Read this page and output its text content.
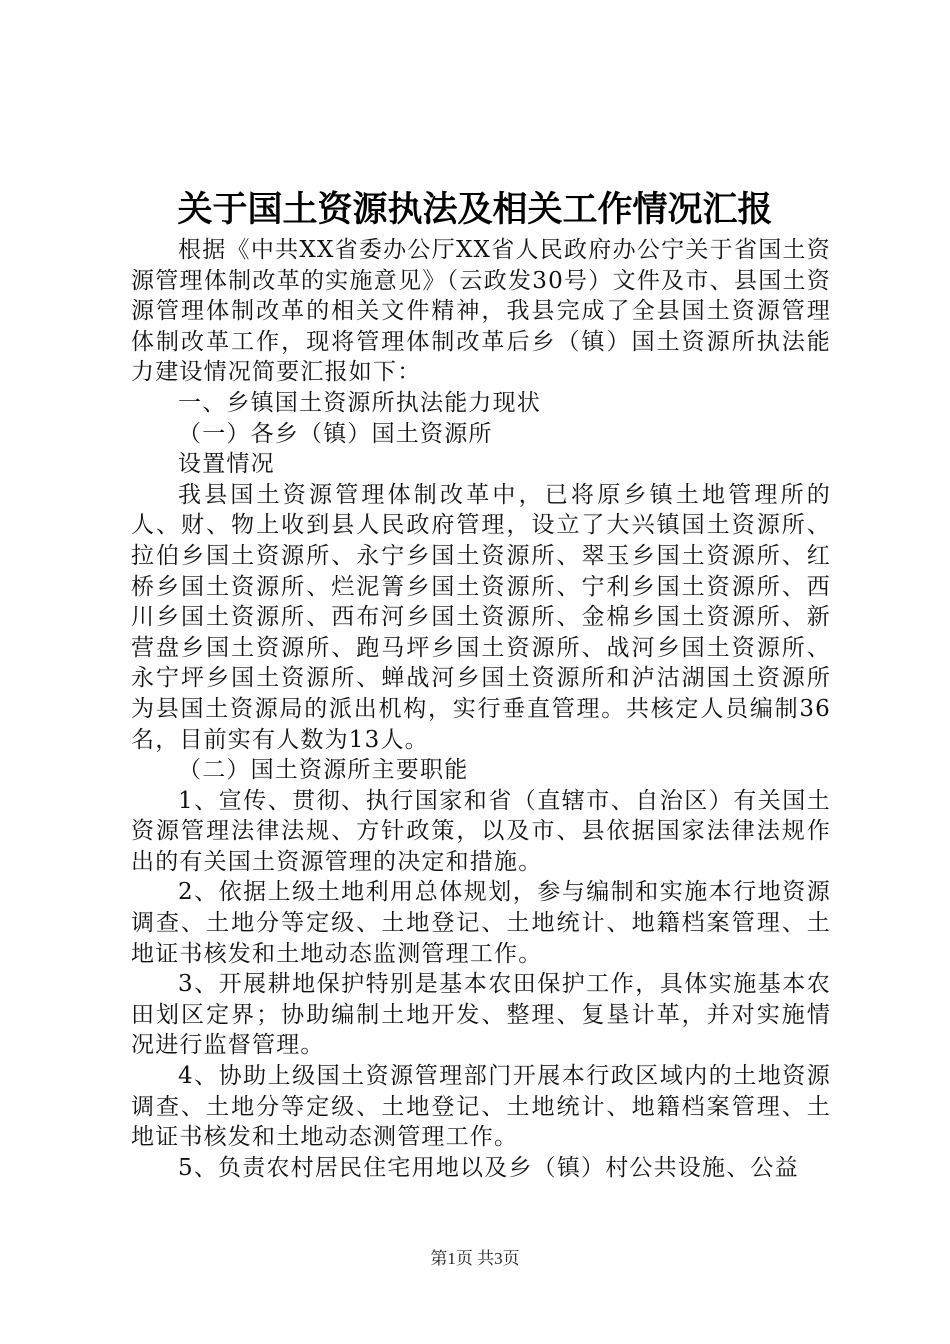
关于国土资源执法及相关工作情况汇报

根据《中共XX省委办公厅XX省人民政府办公宁关于省国土资源管理体制改革的实施意见》（云政发30号）文件及市、县国土资源管理体制改革的相关文件精神，我县完成了全县国土资源管理体制改革工作，现将管理体制改革后乡（镇）国土资源所执法能力建设情况简要汇报如下：

一、乡镇国土资源所执法能力现状

（一）各乡（镇）国土资源所

设置情况

我县国土资源管理体制改革中，已将原乡镇土地管理所的人、财、物上收到县人民政府管理，设立了大兴镇国土资源所、拉伯乡国土资源所、永宁乡国土资源所、翠玉乡国土资源所、红桥乡国土资源所、烂泥箐乡国土资源所、宁利乡国土资源所、西川乡国土资源所、西布河乡国土资源所、金棉乡国土资源所、新营盘乡国土资源所、跑马坪乡国土资源所、战河乡国土资源所、永宁坪乡国土资源所、蝉战河乡国土资源所和泸沽湖国土资源所为县国土资源局的派出机构，实行垂直管理。共核定人员编制36名，目前实有人数为13人。

（二）国土资源所主要职能

1、宣传、贯彻、执行国家和省（直辖市、自治区）有关国土资源管理法律法规、方针政策，以及市、县依据国家法律法规作出的有关国土资源管理的决定和措施。

2、依据上级土地利用总体规划，参与编制和实施本行地资源调查、土地分等定级、土地登记、土地统计、地籍档案管理、土地证书核发和土地动态监测管理工作。

3、开展耕地保护特别是基本农田保护工作，具体实施基本农田划区定界；协助编制土地开发、整理、复垦计革，并对实施情况进行监督管理。

4、协助上级国土资源管理部门开展本行政区域内的土地资源调查、土地分等定级、土地登记、土地统计、地籍档案管理、土地证书核发和土地动态测管理工作。

5、负责农村居民住宅用地以及乡（镇）村公共设施、公益

第1页 共3页
